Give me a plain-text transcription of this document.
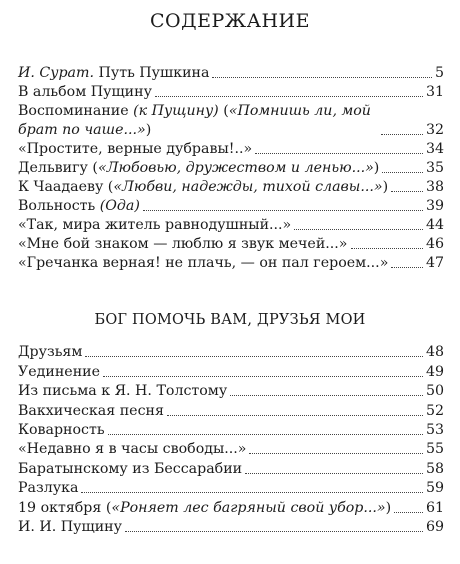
СОДЕРЖАНИЕ
И. Сурат. Путь Пушкина	5
В альбом Пущину	31
Воспоминание (к Пущину) («Помнишь ли, мой брат по чаше...»)	32
«Простите, верные дубравы!..»	34
Дельвигу («Любовью, дружеством и ленью...»)	35
К Чаадаеву («Любви, надежды, тихой славы...»)	38
Вольность (Ода)	39
«Так, мира житель равнодушный...»	44
«Мне бой знаком — люблю я звук мечей...»	46
«Гречанка верная! не плачь, — он пал героем...»	47
БОГ ПОМОЧЬ ВАМ, ДРУЗЬЯ МОИ
Друзьям	48
Уединение	49
Из письма к Я. Н. Толстому	50
Вакхическая песня	52
Коварность	53
«Недавно я в часы свободы...»	55
Баратынскому из Бессарабии	58
Разлука	59
19 октября («Роняет лес багряный свой убор...») 61
И. И. Пущину	69
